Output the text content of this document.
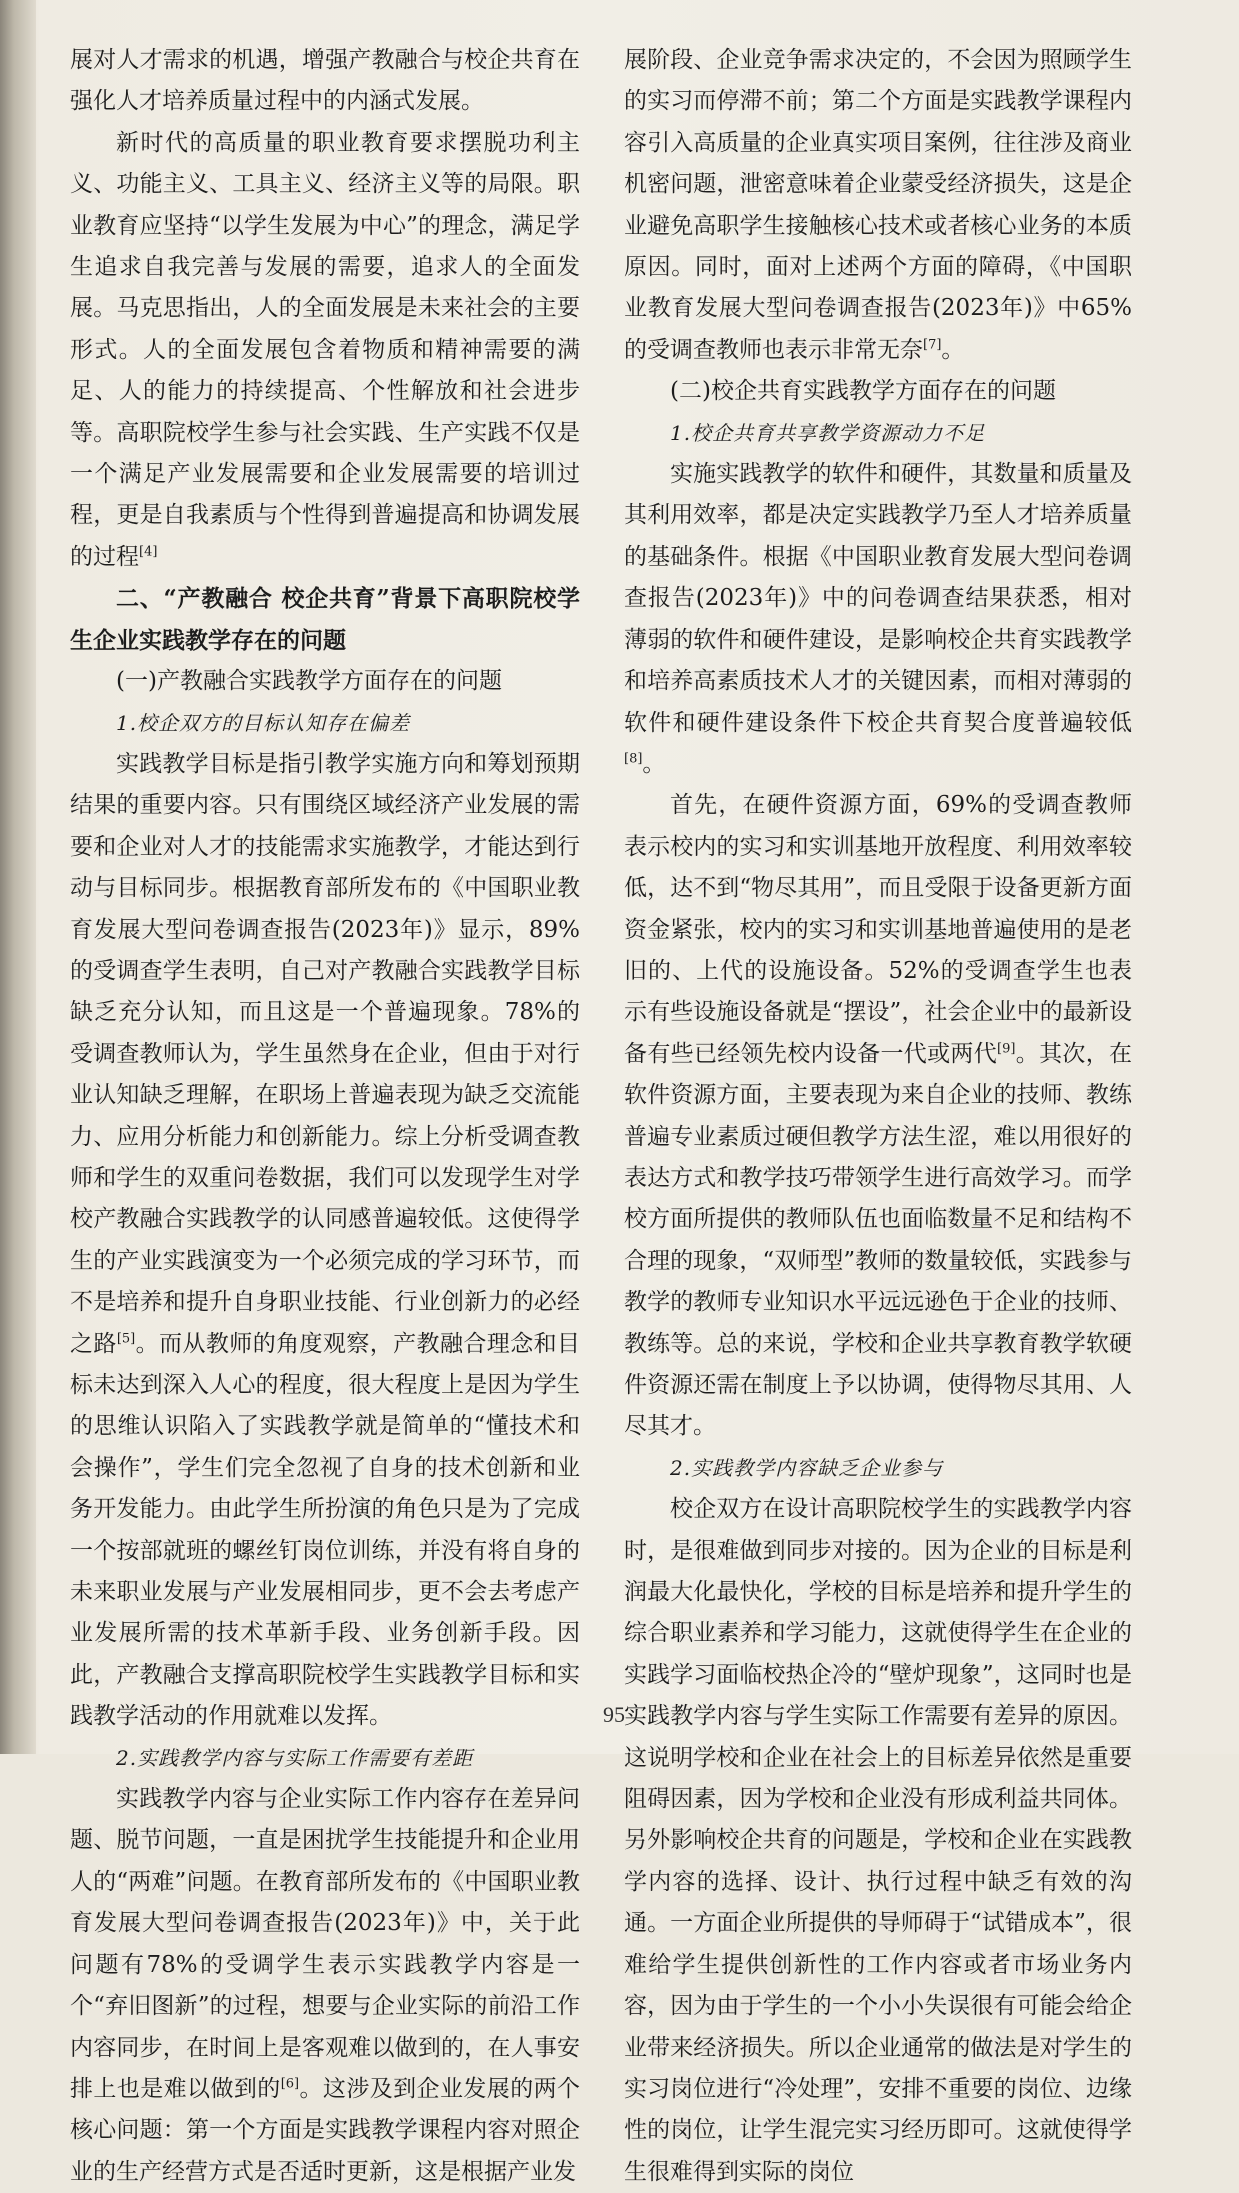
展对人才需求的机遇，增强产教融合与校企共育在强化人才培养质量过程中的内涵式发展。

新时代的高质量的职业教育要求摆脱功利主义、功能主义、工具主义、经济主义等的局限。职业教育应坚持“以学生发展为中心”的理念，满足学生追求自我完善与发展的需要，追求人的全面发展。马克思指出，人的全面发展是未来社会的主要形式。人的全面发展包含着物质和精神需要的满足、人的能力的持续提高、个性解放和社会进步等。高职院校学生参与社会实践、生产实践不仅是一个满足产业发展需要和企业发展需要的培训过程，更是自我素质与个性得到普遍提高和协调发展的过程[4]

二、“产教融合 校企共育”背景下高职院校学生企业实践教学存在的问题
(一)产教融合实践教学方面存在的问题
1.校企双方的目标认知存在偏差

实践教学目标是指引教学实施方向和筹划预期结果的重要内容。只有围绕区域经济产业发展的需要和企业对人才的技能需求实施教学，才能达到行动与目标同步。根据教育部所发布的《中国职业教育发展大型问卷调查报告(2023年)》显示，89%的受调查学生表明，自己对产教融合实践教学目标缺乏充分认知，而且这是一个普遍现象。78%的受调查教师认为，学生虽然身在企业，但由于对行业认知缺乏理解，在职场上普遍表现为缺乏交流能力、应用分析能力和创新能力。综上分析受调查教师和学生的双重问卷数据，我们可以发现学生对学校产教融合实践教学的认同感普遍较低。这使得学生的产业实践演变为一个必须完成的学习环节，而不是培养和提升自身职业技能、行业创新力的必经之路[5]。而从教师的角度观察，产教融合理念和目标未达到深入人心的程度，很大程度上是因为学生的思维认识陷入了实践教学就是简单的“懂技术和会操作”，学生们完全忽视了自身的技术创新和业务开发能力。由此学生所扮演的角色只是为了完成一个按部就班的螺丝钉岗位训练，并没有将自身的未来职业发展与产业发展相同步，更不会去考虑产业发展所需的技术革新手段、业务创新手段。因此，产教融合支撑高职院校学生实践教学目标和实践教学活动的作用就难以发挥。

2.实践教学内容与实际工作需要有差距

实践教学内容与企业实际工作内容存在差异问题、脱节问题，一直是困扰学生技能提升和企业用人的“两难”问题。在教育部所发布的《中国职业教育发展大型问卷调查报告(2023年)》中，关于此问题有78%的受调学生表示实践教学内容是一个“弃旧图新”的过程，想要与企业实际的前沿工作内容同步，在时间上是客观难以做到的，在人事安排上也是难以做到的[6]。这涉及到企业发展的两个核心问题：第一个方面是实践教学课程内容对照企业的生产经营方式是否适时更新，这是根据产业发

展阶段、企业竞争需求决定的，不会因为照顾学生的实习而停滞不前；第二个方面是实践教学课程内容引入高质量的企业真实项目案例，往往涉及商业机密问题，泄密意味着企业蒙受经济损失，这是企业避免高职学生接触核心技术或者核心业务的本质原因。同时，面对上述两个方面的障碍，《中国职业教育发展大型问卷调查报告(2023年)》中65%的受调查教师也表示非常无奈[7]。

(二)校企共育实践教学方面存在的问题
1.校企共育共享教学资源动力不足

实施实践教学的软件和硬件，其数量和质量及其利用效率，都是决定实践教学乃至人才培养质量的基础条件。根据《中国职业教育发展大型问卷调查报告(2023年)》中的问卷调查结果获悉，相对薄弱的软件和硬件建设，是影响校企共育实践教学和培养高素质技术人才的关键因素，而相对薄弱的软件和硬件建设条件下校企共育契合度普遍较低[8]。

首先，在硬件资源方面，69%的受调查教师表示校内的实习和实训基地开放程度、利用效率较低，达不到“物尽其用”，而且受限于设备更新方面资金紧张，校内的实习和实训基地普遍使用的是老旧的、上代的设施设备。52%的受调查学生也表示有些设施设备就是“摆设”，社会企业中的最新设备有些已经领先校内设备一代或两代[9]。其次，在软件资源方面，主要表现为来自企业的技师、教练普遍专业素质过硬但教学方法生涩，难以用很好的表达方式和教学技巧带领学生进行高效学习。而学校方面所提供的教师队伍也面临数量不足和结构不合理的现象，“双师型”教师的数量较低，实践参与教学的教师专业知识水平远远逊色于企业的技师、教练等。总的来说，学校和企业共享教育教学软硬件资源还需在制度上予以协调，使得物尽其用、人尽其才。

2.实践教学内容缺乏企业参与

校企双方在设计高职院校学生的实践教学内容时，是很难做到同步对接的。因为企业的目标是利润最大化最快化，学校的目标是培养和提升学生的综合职业素养和学习能力，这就使得学生在企业的实践学习面临校热企冷的“壁炉现象”，这同时也是实践教学内容与学生实际工作需要有差异的原因。这说明学校和企业在社会上的目标差异依然是重要阻碍因素，因为学校和企业没有形成利益共同体。另外影响校企共育的问题是，学校和企业在实践教学内容的选择、设计、执行过程中缺乏有效的沟通。一方面企业所提供的导师碍于“试错成本”，很难给学生提供创新性的工作内容或者市场业务内容，因为由于学生的一个小小失误很有可能会给企业带来经济损失。所以企业通常的做法是对学生的实习岗位进行“冷处理”，安排不重要的岗位、边缘性的岗位，让学生混完实习经历即可。这就使得学生很难得到实际的岗位

95
